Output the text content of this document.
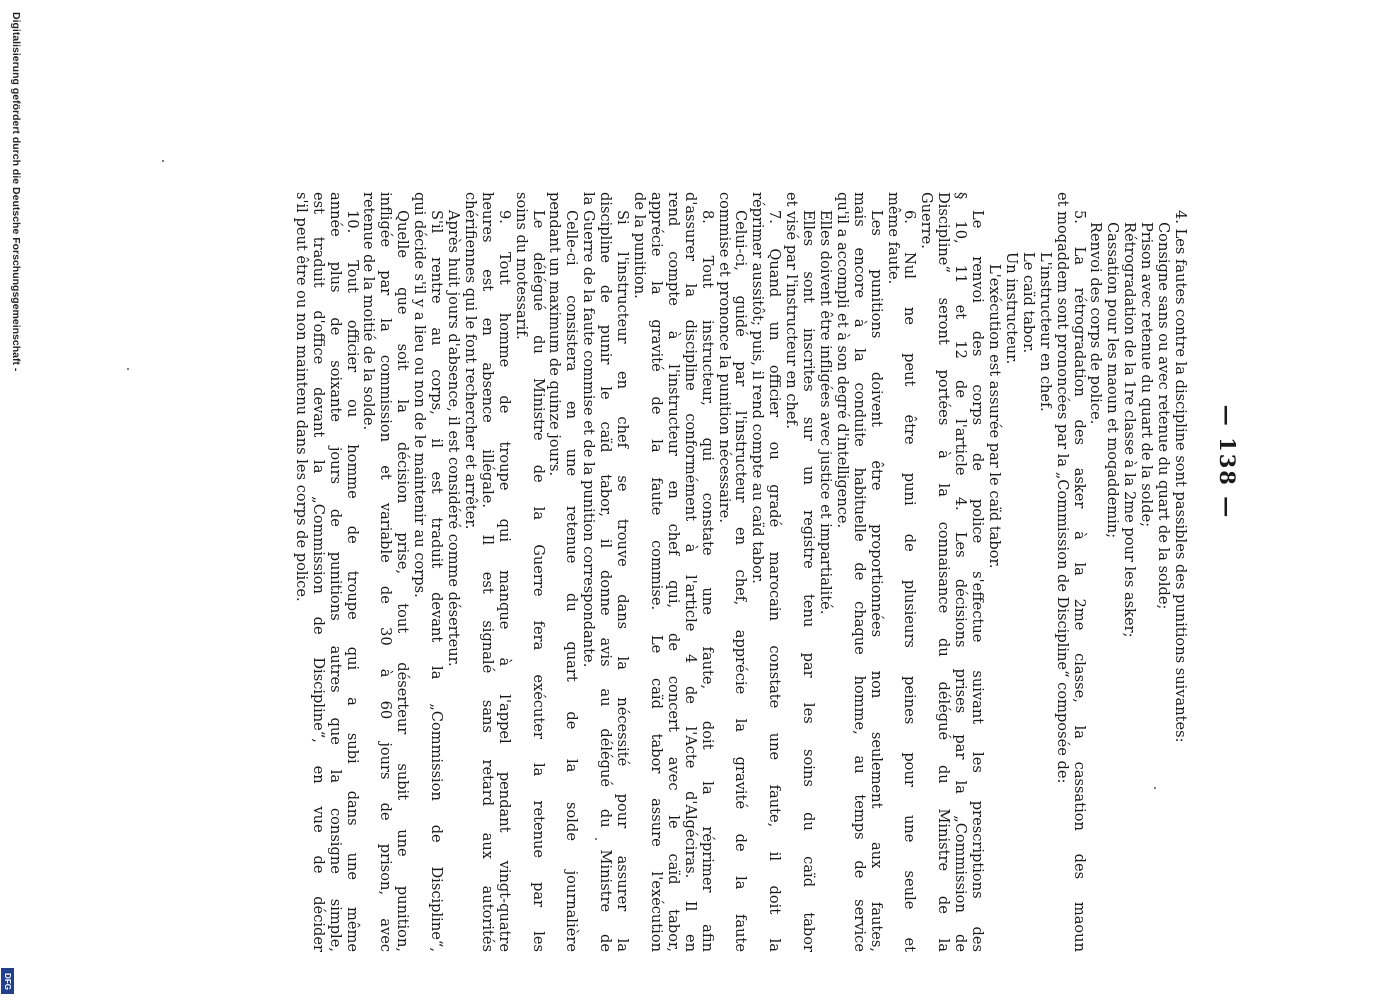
— 138 —
4. Les fautes contre la discipline sont passibles des punitions suivantes:
Consigne sans ou avec retenue du quart de la solde;
Prison avec retenue du quart de la solde;
Rétrogradation de la 1re classe à la 2me pour les asker;
Cassation pour les maoun et moqaddemin;
Renvoi des corps de police.
5. La rétrogradation des asker à la 2me classe, la cassation des maoun
et moqaddem sont prononcées par la „Commission de Discipline“ composée de:
L'instructeur en chef.
Le caïd tabor.
Un instructeur.
L'exécution est assurée par le caïd tabor.
Le renvoi des corps de police s'effectue suivant les prescriptions des
§ 10, 11 et 12 de l'article 4. Les décisions prises par la „Commission de
Discipline“ seront portées à la connaisance du délégué du Ministre de la
Guerre.
6. Nul ne peut être puni de plusieurs peines pour une seule et
même faute.
Les punitions doivent être proportionnées non seulement aux fautes,
mais encore à la conduite habituelle de chaque homme, au temps de service
qu'il a accompli et à son degré d'intelligence.
Elles doivent être infligées avec justice et impartialité.
Elles sont inscrites sur un registre tenu par les soins du caïd tabor
et visé par l'instructeur en chef.
7. Quand un officier ou gradé marocain constate une faute, il doit la
réprimer aussitôt; puis, il rend compte au caïd tabor.
Celui-ci, guidé par l'instructeur en chef, apprécie la gravité de la faute
commise et prononce la punition nécessaire.
8. Tout instructeur, qui constate une faute, doit la réprimer afin
d'assurer la discipline conformément à l'article 4 de l'Acte d'Algéciras. Il en
rend compte à l'instructeur en chef qui, de concert avec le caïd tabor,
apprécie la gravité de la faute commise. Le caïd tabor assure l'exécution
de la punition.
Si l'instructeur en chef se trouve dans la nécessité pour assurer la
discipline de punir le caïd tabor, il donne avis au délégué du Ministre de
la Guerre de la faute commise et de la punition correspondante.
Celle-ci consistera en une retenue du quart de la solde journalière
pendant un maximum de quinze jours.
Le délégué du Ministre de la Guerre fera exécuter la retenue par les
soins du motessarif.
9. Tout homme de troupe qui manque à l'appel pendant vingt-quatre
heures est en absence illégale. Il est signalé sans retard aux autorités
chérifiennes qui le font rechercher et arrêter.
Après huit jours d'absence, il est considéré comme déserteur.
S'il rentre au corps, il est traduit devant la „Commission de Discipline“,
qui décide s'il y a lieu ou non de le maintenir au corps.
Quelle que soit la décision prise, tout déserteur subit une punition,
infligée par la commission et variable de 30 à 60 jours de prison, avec
retenue de la moitié de la solde.
10. Tout officier ou homme de troupe qui a subi dans une même
année plus de soixante jours de punitions autres que la consigne simple,
est traduit d'office devant la „Commission de Discipline“, en vue de décider
s'il peut être ou non maintenu dans les corps de police.
Digitalisierung gefördert durch die Deutsche Forschungsgemeinschaft -
DFG
